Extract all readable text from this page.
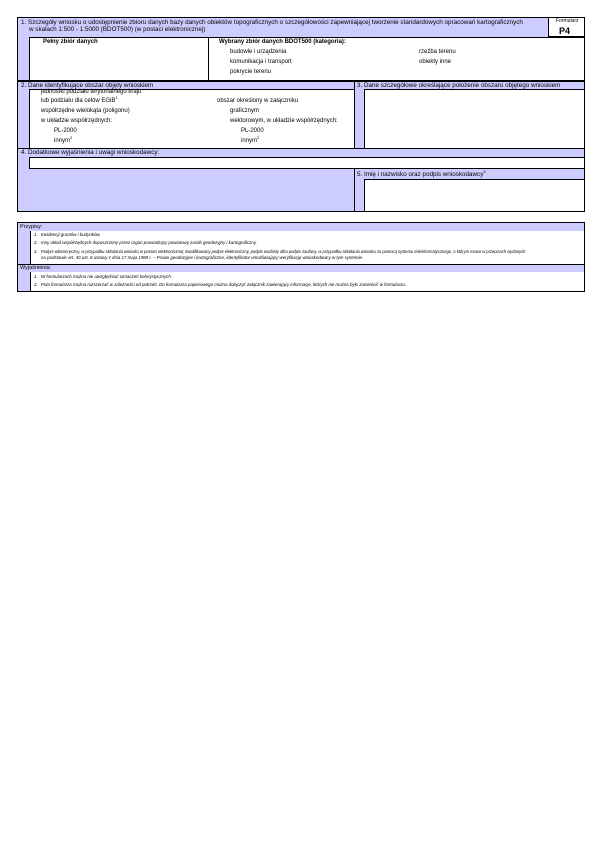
Formularz
P4
1. Szczegóły wniosku o udostępnienie zbioru danych bazy danych obiektów topograficznych o szczegółowości zapewniającej tworzenie standardowych opracowań kartograficznych
w skalach 1:500 - 1:5000 (BDOT500) (w postaci elektronicznej)
Pełny zbiór danych	Wybrany zbiór danych BDOT500 (kategoria):
budowle i urządzenia
komunikacja i transport
pokrycie terenu
rzeźba terenu
obiekty inne
2. Dane identyfikujące obszar objęty wnioskiem
jednostki podziału terytorialnego kraju
lub podziału dla celów EGiB$^1$
współrzędne wielokąta (poligonu)
w układzie współrzędnych:
PL-2000
innym$^2$
obszar określony w załączniku
graficznym
wektorowym, w układzie współrzędnych:
PL-2000
innym$^2$
3. Dane szczegółowe określające położenie obszaru objętego wnioskiem
4. Dodatkowe wyjaśnienia i uwagi wnioskodawcy:
5. Imię i nazwisko oraz podpis wnioskodawcy$^3$
Przypisy:
1. Ewidencji gruntów i budynków.
2. Inny układ współrzędnych dopuszczony przez organ prowadzący powiatowy zasób geodezyjny i kartograficzny.
3. Podpis własnoręczny, w przypadku składania wniosku w postaci elektronicznej: kwalifikowany podpis elektroniczny, podpis osobisty albo podpis zaufany, w przypadku składania wniosku za pomocą systemu teleinformatycznego, o którym mowa w przepisach wydanych
na podstawie art. 40 ust. 8 ustawy z dnia 17 maja 1989 r. – Prawo geodezyjne i kartograficzne, identyfikator umożliwiający weryfikację wnioskodawcy w tym systemie.
Wyjaśnienia:
1. W formularzach można nie uwzględniać oznaczeń kolorystycznych.
2. Pola formularza można rozszerzać w zależności od potrzeb. Do formularza papierowego można dołączyć załącznik zawierający informacje, których nie można było zamieścić w formularzu.
